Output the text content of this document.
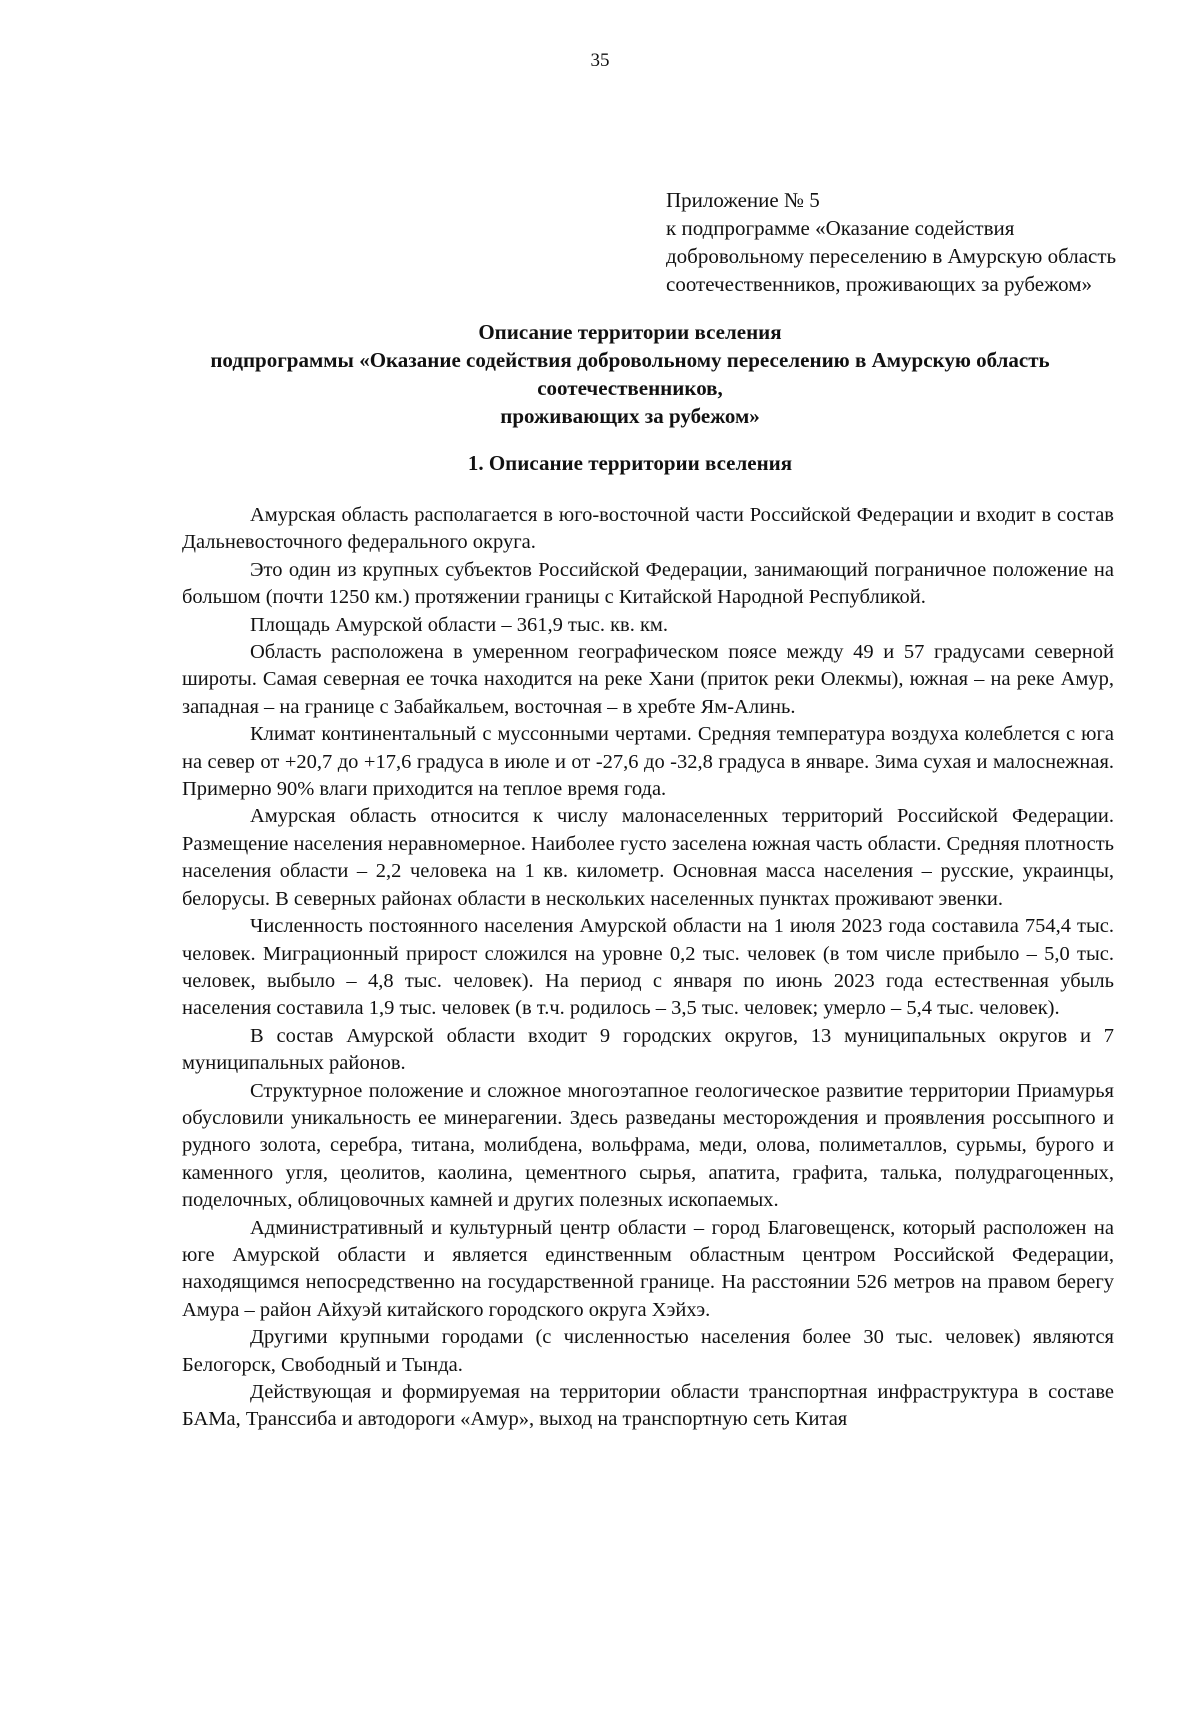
35
Приложение № 5
к подпрограмме «Оказание содействия
добровольному переселению в Амурскую область
соотечественников, проживающих за рубежом»
Описание территории вселения
подпрограммы «Оказание содействия добровольному переселению в Амурскую область
соотечественников,
проживающих за рубежом»
1. Описание территории вселения

Амурская область располагается в юго-восточной части Российской Федерации и входит в состав Дальневосточного федерального округа.

Это один из крупных субъектов Российской Федерации, занимающий пограничное положение на большом (почти 1250 км.) протяжении границы с Китайской Народной Республикой.

Площадь Амурской области – 361,9 тыс. кв. км.

Область расположена в умеренном географическом поясе между 49 и 57 градусами северной широты. Самая северная ее точка находится на реке Хани (приток реки Олекмы), южная – на реке Амур, западная – на границе с Забайкальем, восточная – в хребте Ям-Алинь.

Климат континентальный с муссонными чертами. Средняя температура воздуха колеблется с юга на север от +20,7 до +17,6 градуса в июле и от -27,6 до -32,8 градуса в январе. Зима сухая и малоснежная. Примерно 90% влаги приходится на теплое время года.

Амурская область относится к числу малонаселенных территорий Российской Федерации. Размещение населения неравномерное. Наиболее густо заселена южная часть области. Средняя плотность населения области – 2,2 человека на 1 кв. километр. Основная масса населения – русские, украинцы, белорусы. В северных районах области в нескольких населенных пунктах проживают эвенки.

Численность постоянного населения Амурской области на 1 июля 2023 года составила 754,4 тыс. человек. Миграционный прирост сложился на уровне 0,2 тыс. человек (в том числе прибыло – 5,0 тыс. человек, выбыло – 4,8 тыс. человек). На период с января по июнь 2023 года естественная убыль населения составила 1,9 тыс. человек (в т.ч. родилось – 3,5 тыс. человек; умерло – 5,4 тыс. человек).

В состав Амурской области входит 9 городских округов, 13 муниципальных округов и 7 муниципальных районов.

Структурное положение и сложное многоэтапное геологическое развитие территории Приамурья обусловили уникальность ее минерагении. Здесь разведаны месторождения и проявления россыпного и рудного золота, серебра, титана, молибдена, вольфрама, меди, олова, полиметаллов, сурьмы, бурого и каменного угля, цеолитов, каолина, цементного сырья, апатита, графита, талька, полудрагоценных, поделочных, облицовочных камней и других полезных ископаемых.

Административный и культурный центр области – город Благовещенск, который расположен на юге Амурской области и является единственным областным центром Российской Федерации, находящимся непосредственно на государственной границе. На расстоянии 526 метров на правом берегу Амура – район Айхуэй китайского городского округа Хэйхэ.

Другими крупными городами (с численностью населения более 30 тыс. человек) являются Белогорск, Свободный и Тында.

Действующая и формируемая на территории области транспортная инфраструктура в составе БАМа, Транссиба и автодороги «Амур», выход на транспортную сеть Китая
